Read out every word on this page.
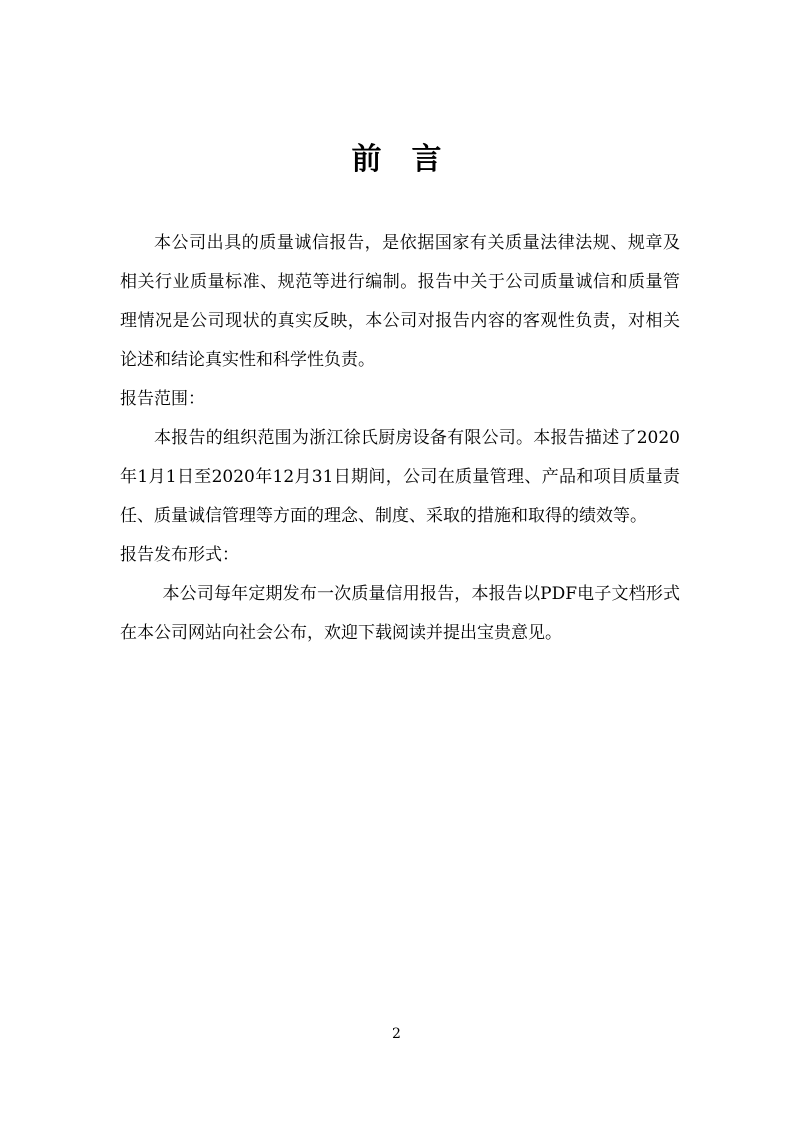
前言

本公司出具的质量诚信报告，是依据国家有关质量法律法规、规章及相关行业质量标准、规范等进行编制。报告中关于公司质量诚信和质量管理情况是公司现状的真实反映，本公司对报告内容的客观性负责，对相关论述和结论真实性和科学性负责。

报告范围：

本报告的组织范围为浙江徐氏厨房设备有限公司。本报告描述了2020年1月1日至2020年12月31日期间，公司在质量管理、产品和项目质量责任、质量诚信管理等方面的理念、制度、采取的措施和取得的绩效等。

报告发布形式：

本公司每年定期发布一次质量信用报告，本报告以PDF电子文档形式在本公司网站向社会公布，欢迎下载阅读并提出宝贵意见。

2
